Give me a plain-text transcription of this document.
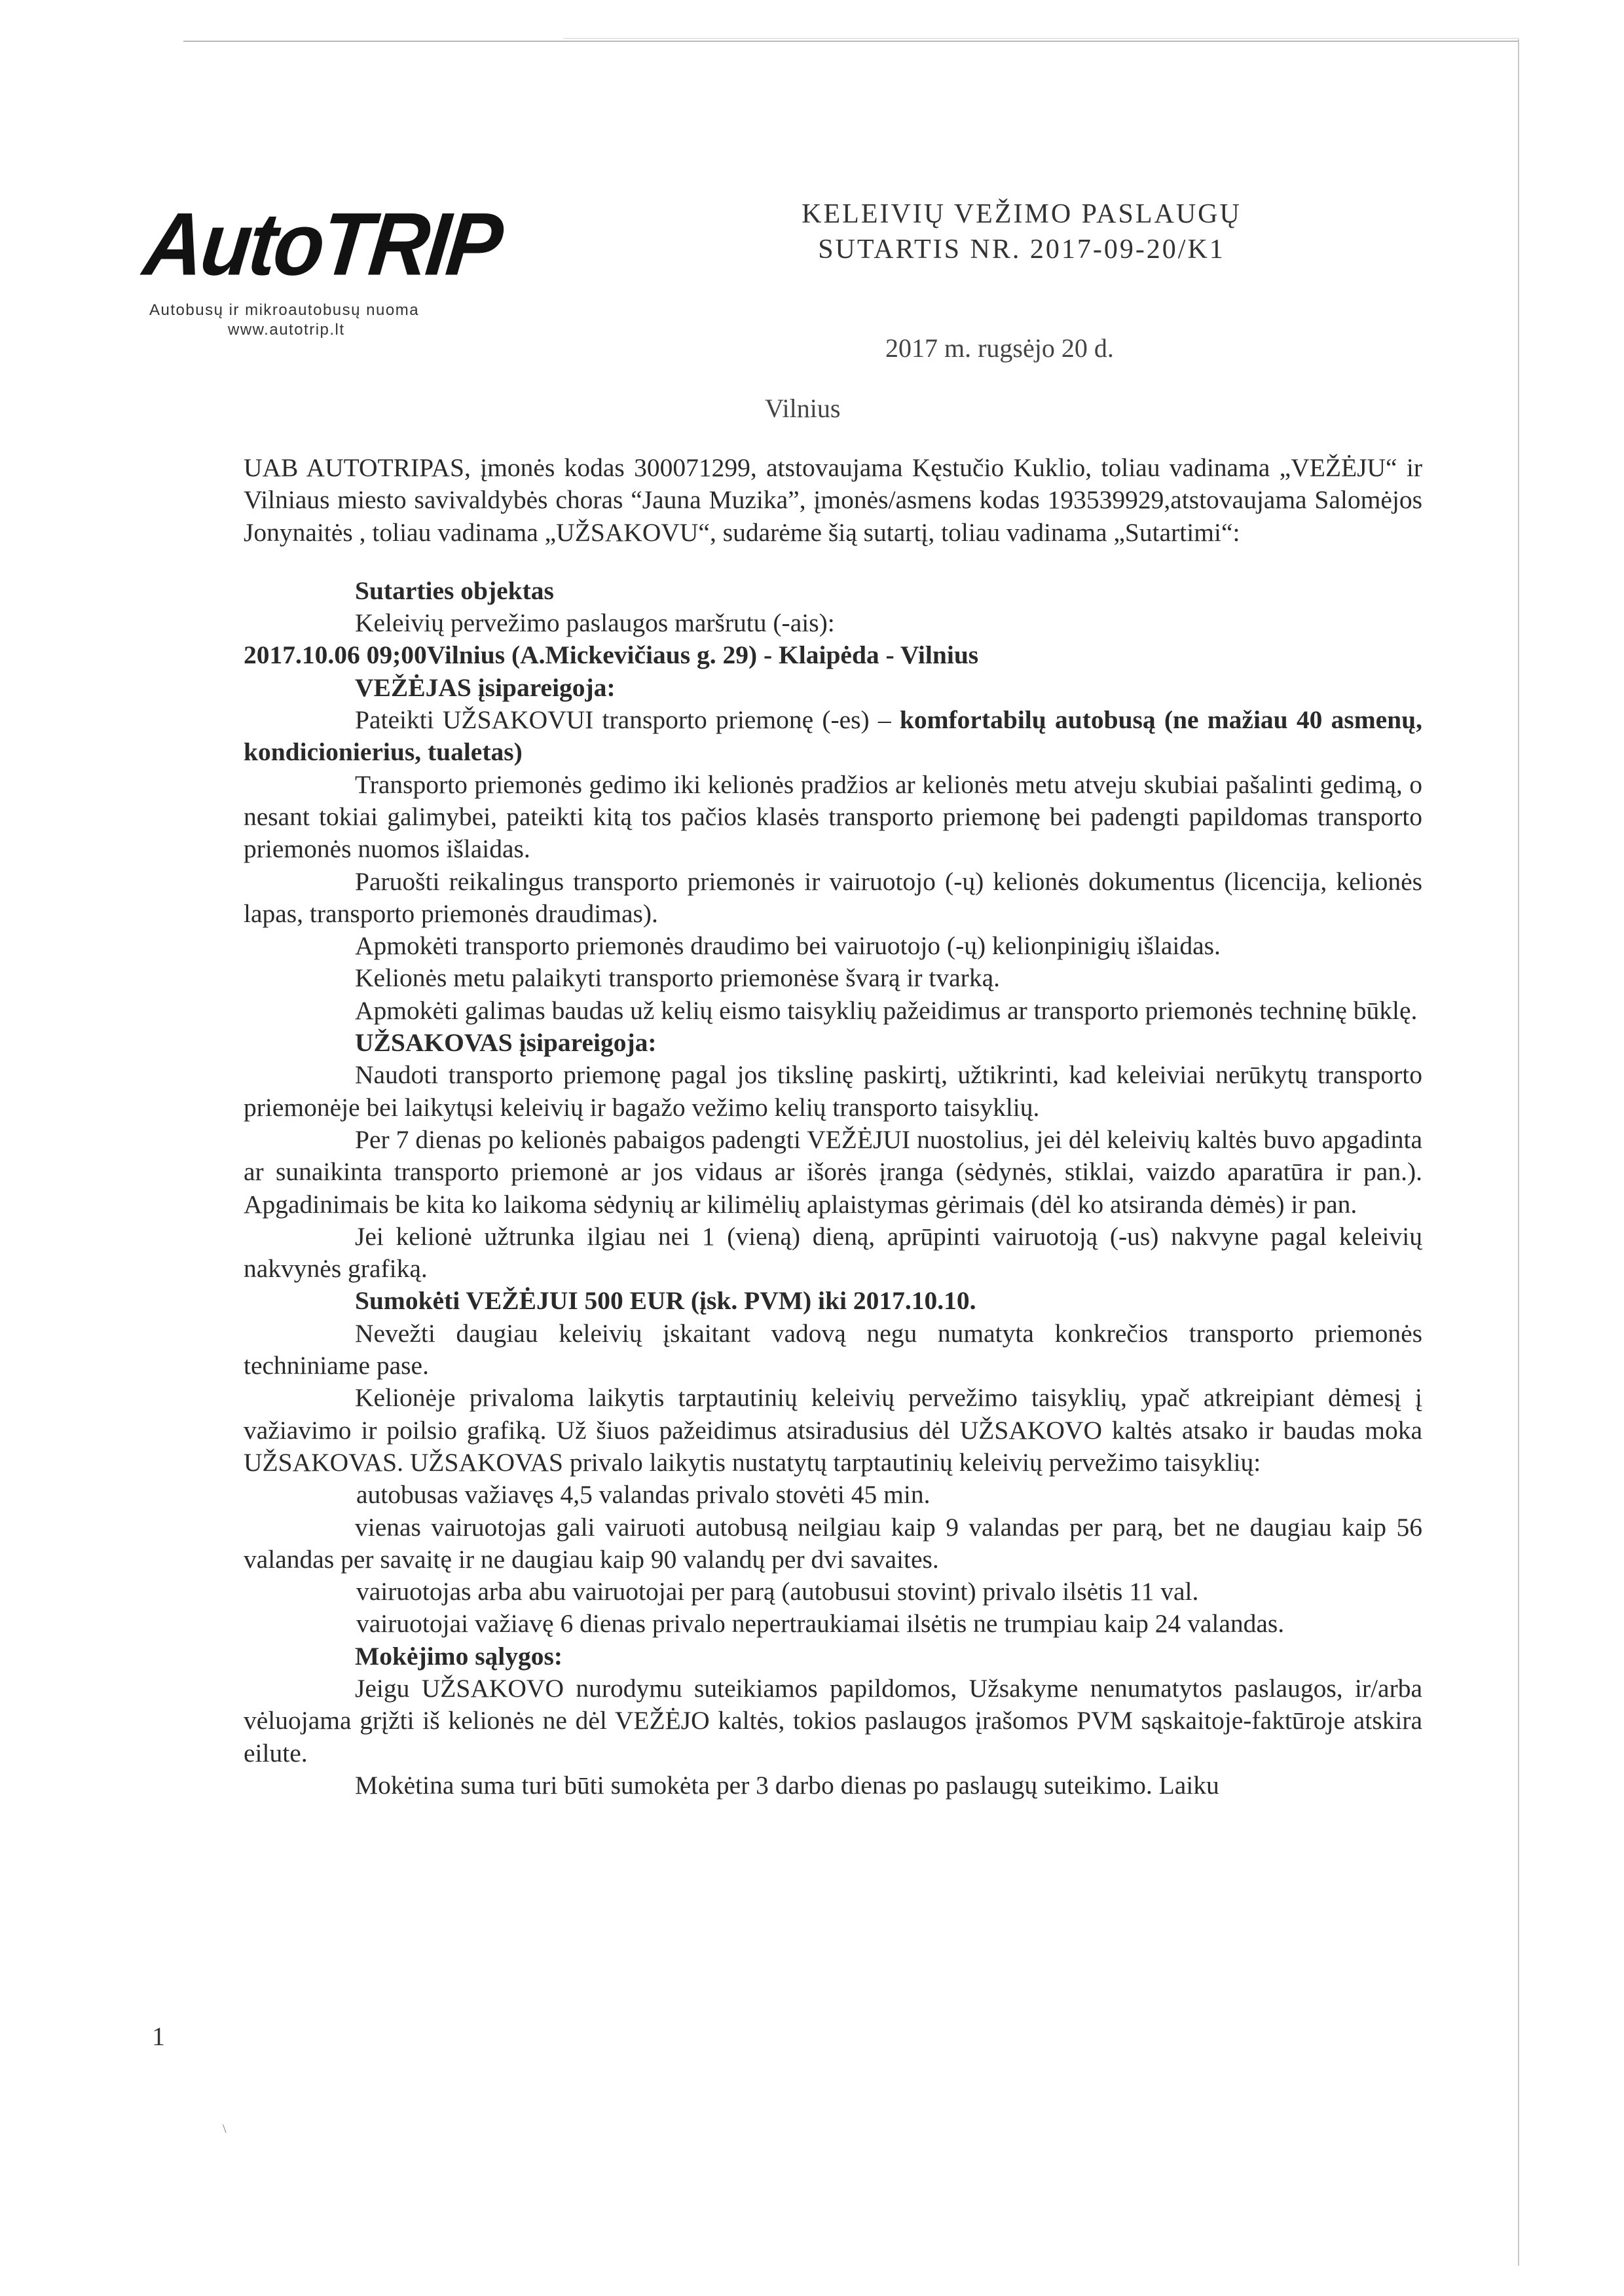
AutoTRIP
Autobusų ir mikroautobusų nuoma
www.autotrip.lt
KELEIVIŲ VEŽIMO PASLAUGŲ
SUTARTIS NR. 2017-09-20/K1
2017 m. rugsėjo 20 d.
Vilnius

UAB AUTOTRIPAS, įmonės kodas 300071299, atstovaujama Kęstučio Kuklio, toliau vadinama „VEŽĖJU“ ir Vilniaus miesto savivaldybės choras “Jauna Muzika”, įmonės/asmens kodas 193539929,atstovaujama Salomėjos Jonynaitės , toliau vadinama „UŽSAKOVU“, sudarėme šią sutartį, toliau vadinama „Sutartimi“:

Sutarties objektas

Keleivių pervežimo paslaugos maršrutu (-ais):

2017.10.06 09;00Vilnius (A.Mickevičiaus g. 29) - Klaipėda - Vilnius

VEŽĖJAS įsipareigoja:

Pateikti UŽSAKOVUI transporto priemonę (-es) – komfortabilų autobusą (ne mažiau 40 asmenų, kondicionierius, tualetas)

Transporto priemonės gedimo iki kelionės pradžios ar kelionės metu atveju skubiai pašalinti gedimą, o nesant tokiai galimybei, pateikti kitą tos pačios klasės transporto priemonę bei padengti papildomas transporto priemonės nuomos išlaidas.

Paruošti reikalingus transporto priemonės ir vairuotojo (-ų) kelionės dokumentus (licencija, kelionės lapas, transporto priemonės draudimas).

Apmokėti transporto priemonės draudimo bei vairuotojo (-ų) kelionpinigių išlaidas.

Kelionės metu palaikyti transporto priemonėse švarą ir tvarką.

Apmokėti galimas baudas už kelių eismo taisyklių pažeidimus ar transporto priemonės techninę būklę.

UŽSAKOVAS įsipareigoja:

Naudoti transporto priemonę pagal jos tikslinę paskirtį, užtikrinti, kad keleiviai nerūkytų transporto priemonėje bei laikytųsi keleivių ir bagažo vežimo kelių transporto taisyklių.

Per 7 dienas po kelionės pabaigos padengti VEŽĖJUI nuostolius, jei dėl keleivių kaltės buvo apgadinta ar sunaikinta transporto priemonė ar jos vidaus ar išorės įranga (sėdynės, stiklai, vaizdo aparatūra ir pan.). Apgadinimais be kita ko laikoma sėdynių ar kilimėlių aplaistymas gėrimais (dėl ko atsiranda dėmės) ir pan.

Jei kelionė užtrunka ilgiau nei 1 (vieną) dieną, aprūpinti vairuotoją (-us) nakvyne pagal keleivių nakvynės grafiką.

Sumokėti VEŽĖJUI 500 EUR (įsk. PVM) iki 2017.10.10.

Nevežti daugiau keleivių įskaitant vadovą negu numatyta konkrečios transporto priemonės techniniame pase.

Kelionėje privaloma laikytis tarptautinių keleivių pervežimo taisyklių, ypač atkreipiant dėmesį į važiavimo ir poilsio grafiką. Už šiuos pažeidimus atsiradusius dėl UŽSAKOVO kaltės atsako ir baudas moka UŽSAKOVAS. UŽSAKOVAS privalo laikytis nustatytų tarptautinių keleivių pervežimo taisyklių:

autobusas važiavęs 4,5 valandas privalo stovėti 45 min.

vienas vairuotojas gali vairuoti autobusą neilgiau kaip 9 valandas per parą, bet ne daugiau kaip 56 valandas per savaitę ir ne daugiau kaip 90 valandų per dvi savaites.

vairuotojas arba abu vairuotojai per parą (autobusui stovint) privalo ilsėtis 11 val.

vairuotojai važiavę 6 dienas privalo nepertraukiamai ilsėtis ne trumpiau kaip 24 valandas.

Mokėjimo sąlygos:

Jeigu UŽSAKOVO nurodymu suteikiamos papildomos, Užsakyme nenumatytos paslaugos, ir/arba vėluojama grįžti iš kelionės ne dėl VEŽĖJO kaltės, tokios paslaugos įrašomos PVM sąskaitoje-faktūroje atskira eilute.

Mokėtina suma turi būti sumokėta per 3 darbo dienas po paslaugų suteikimo. Laiku

1
\
